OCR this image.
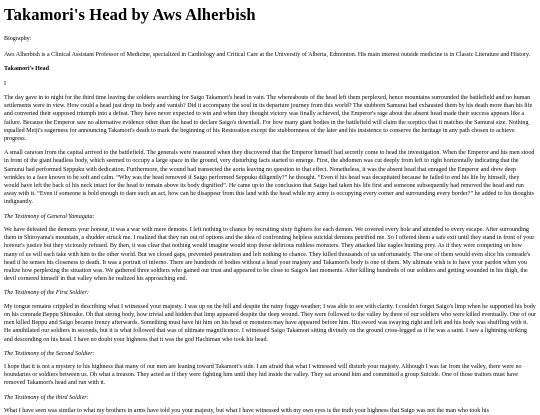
Takamori's Head by Aws Alherbish

Biography:

Aws Alherbish is a Clinical Assistant Professor of Medicine, specialized in Cardiology and Critical Care at the University of Alberta, Edmonton. His main interest outside medicine is in Classic Literature and History.

Takamori's Head

I

The day gave in to night for the third time leaving the soldiers searching for Saigo Takamori's head in vain. The whereabouts of the head left them perplexed, hence mountains surrounded the battlefield and no human settlements were in view. How could a head just drop its body and vanish? Did it accompany the soul in its departure journey from this world? The stubborn Samurai had exhausted them by his death more than his life and converted their supposed triumph into a defeat. They have never expected to win and when they thought victory was finally achieved, the Emperor's rage about the absent head made their success appears like a failure. Because the Emperor saw no alternative evidence other than the head to declare Saigo's downfall. For how many giant bodies in the battlefield will claim the sceptics that it matches the Samurai size. Nothing equalled Meiji's eagerness for announcing Takamori's death to mark the beginning of his Restoration except the stubbornness of the later and his insistence to conserve the heritage in any path chosen to achieve progress.

A small caravan from the capital arrived to the battlefield. The generals were reassured when they discovered that the Emperor himself had secretly come to head the investigation. When the Emperor and his men stood in front of the giant headless body, which seemed to occupy a large space in the ground, very disturbing facts started to emerge. First, the abdomen was cut deeply from left to right horizontally indicating that the Samurai had performed Seppuku with dedication. Furthermore, the wound had transected the aorta leaving no question to that effect. Nonetheless, it was the absent head that enraged the Emperor and drew deep wrinkles to a face known to be soft and calm. “Why was the head removed if Saigo performed Seppuku diligently?” he thought. “Even if his head was decapitated because he failed to end his life by himself, they would have left the back of his neck intact for the head to remain above its body dignified”. He came up to the conclusion that Saigo had taken his life first and someone subsequently had removed the head and run away with it. “Even if someone is bold enough to dare such an act, how can he disappear from this land with the head while my army is occupying every corner and surrounding every border?” he added to his thoughts indignantly.

The Testimony of General Yamagata:

We have defeated the demons your honour, it was a war with mere demons. I left nothing to chance by recruiting sixty fighters for each demon. We covered every hole and attended to every escape. After surrounding them in Shiroyama's mountain, a shudder struck me. I realized that they ran out of options and the idea of confronting helpless suicidal demons petrified me. So I offered them a safe exit until they stand in front of your honour's justice but they viciously refused. By then, it was clear that nothing would imagine would stop those delirious ruthless monsters. They attacked like eagles hunting prey. As if they were competing on how many of us will each take with him to the other world. But we closed gaps, prevented penetration and left nothing to chance. They killed thousands of us unfortunately. The one of them would even slice his comrade's head if he senses his closeness to death. It was a portrait of inferno. There are hundreds of bodies without a head your majesty and Takamori's body is one of them. My ultimate wish is to have your pardon when you realize how perplexing the situation was. We gathered three soldiers who gained our trust and appeared to be close to Saigo's last moments. After killing hundreds of our soldiers and getting wounded in his thigh, the devil cornered himself in that valley when he realized his approaching end.

The Testimony of the First Soldier:

My tongue remains crippled in describing what I witnessed your majesty. I was up on the hill and despite the rainy foggy weather; I was able to see with clarity. I couldn't forget Saigo's limp when he supported his body on his comrade Beppu Shinsuke. Oh that strong body, how trivial and hidden that limp appeared despite the deep wound. They were followed to the valley by three of our soldiers who were killed eventually. One of our men killed Beppu and Saigo became frenzy afterwards. Something must have hit him on his head or monsters may have appeared before him. His sword was swaying right and left and his body was shuffling with it. He annihilated our soldiers in seconds, but it is what followed that was of ultimate magnificence. I witnessed Saigo Takamori sitting divinely on the ground cross-legged as if he was a saint. I saw a lightning striking and descending on his head. I have no doubt your highness that it was the god Hachiman who took his head.

The Testimony of the Second Soldier:

I hope that it is not a mystery to his highness that many of our men are leaning toward Takamori's side. I am afraid that what I witnessed will disturb your majesty. Although I was far from the valley, there were no boundaries or soldiers between us. Oh what a treason. They acted as if they were fighting him until they hid inside the valley. They sat around him and committed a group Suicide. One of those traitors must have removed Takamori's head and run with it.

The Testimony of the third Soldier:

What I have seen was similar to what my brothers in arms have told you your majesty, but what I have witnessed with my own eyes is the truth your highness that Saigo was not the man who took his
